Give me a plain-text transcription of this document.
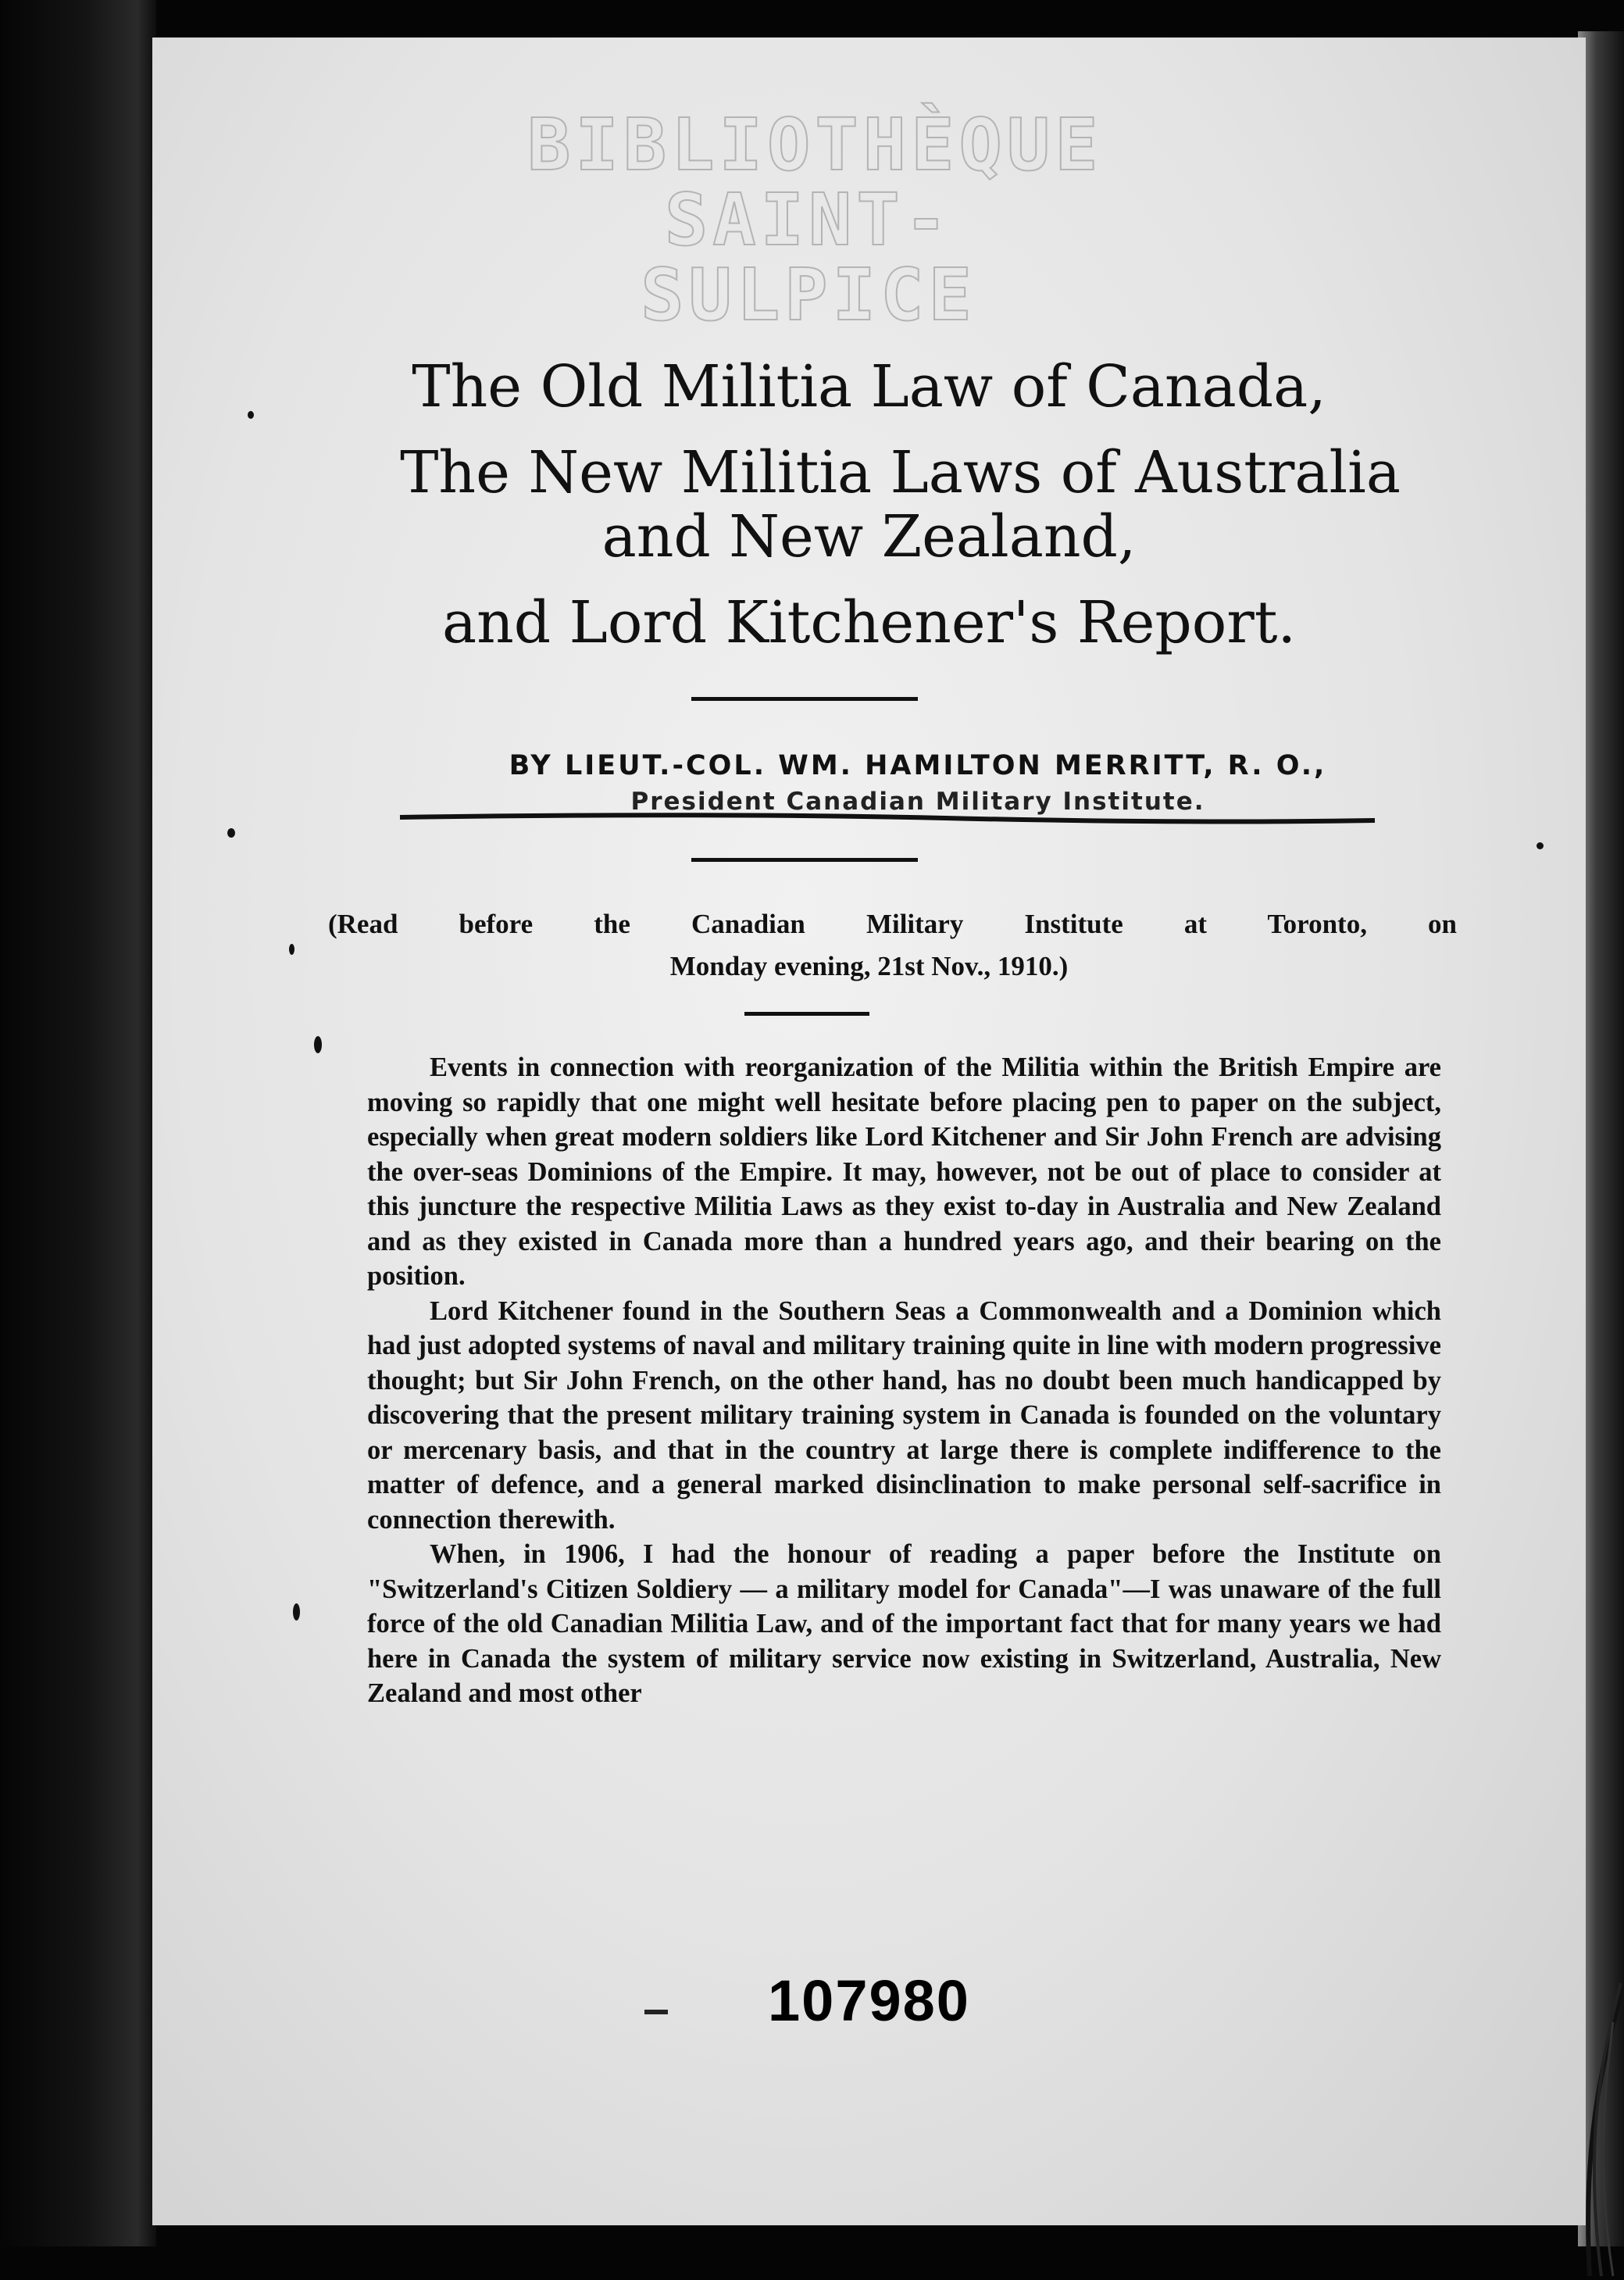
BIBLIOTHÈQUE
SAINT-SULPICE
The Old Militia Law of Canada,
The New Militia Laws of Australia
and New Zealand,
and Lord Kitchener's Report.
BY LIEUT.-COL. WM. HAMILTON MERRITT, R. O.,
President Canadian Military Institute.

(Read before the Canadian Military Institute at Toronto, on

Monday evening, 21st Nov., 1910.)

Events in connection with reorganization of the Militia within the British Empire are moving so rapidly that one might well hesitate before placing pen to paper on the subject, especially when great modern soldiers like Lord Kitchener and Sir John French are advising the over-seas Dominions of the Empire. It may, however, not be out of place to consider at this juncture the respective Militia Laws as they exist to-day in Australia and New Zealand and as they existed in Canada more than a hundred years ago, and their bearing on the position.

Lord Kitchener found in the Southern Seas a Commonwealth and a Dominion which had just adopted systems of naval and military training quite in line with modern progressive thought; but Sir John French, on the other hand, has no doubt been much handicapped by discovering that the present military training system in Canada is founded on the voluntary or mercenary basis, and that in the country at large there is complete indifference to the matter of defence, and a general marked disinclination to make personal self-sacrifice in connection therewith.

When, in 1906, I had the honour of reading a paper before the Institute on "Switzerland's Citizen Soldiery — a military model for Canada"—I was unaware of the full force of the old Canadian Militia Law, and of the important fact that for many years we had here in Canada the system of military service now existing in Switzerland, Australia, New Zealand and most other

107980
